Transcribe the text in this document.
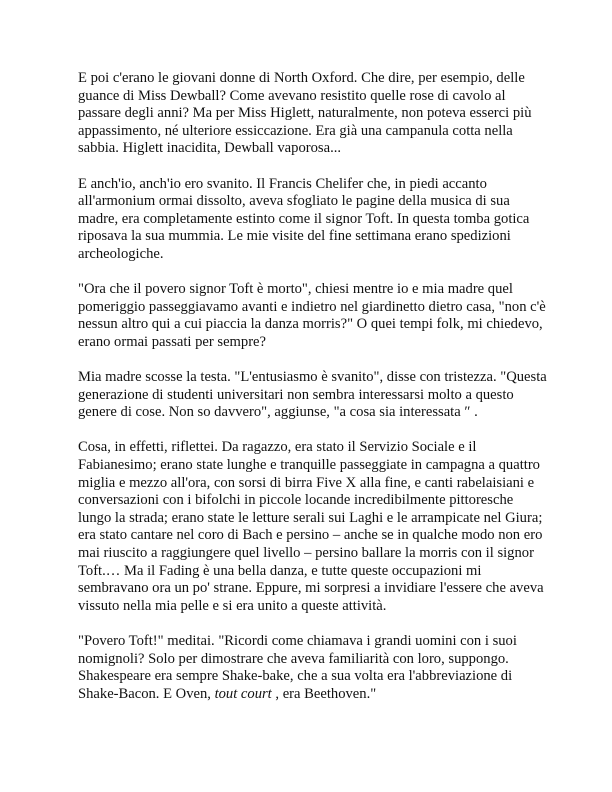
E poi c'erano le giovani donne di North Oxford. Che dire, per esempio, delle guance di Miss Dewball? Come avevano resistito quelle rose di cavolo al passare degli anni? Ma per Miss Higlett, naturalmente, non poteva esserci più appassimento, né ulteriore essiccazione. Era già una campanula cotta nella sabbia. Higlett inacidita, Dewball vaporosa...

E anch'io, anch'io ero svanito. Il Francis Chelifer che, in piedi accanto all'armonium ormai dissolto, aveva sfogliato le pagine della musica di sua madre, era completamente estinto come il signor Toft. In questa tomba gotica riposava la sua mummia. Le mie visite del fine settimana erano spedizioni archeologiche.

"Ora che il povero signor Toft è morto", chiesi mentre io e mia madre quel pomeriggio passeggiavamo avanti e indietro nel giardinetto dietro casa, "non c'è nessun altro qui a cui piaccia la danza morris?" O quei tempi folk, mi chiedevo, erano ormai passati per sempre?

Mia madre scosse la testa. "L'entusiasmo è svanito", disse con tristezza. "Questa generazione di studenti universitari non sembra interessarsi molto a questo genere di cose. Non so davvero", aggiunse, "a cosa sia interessata ″ .

Cosa, in effetti, riflettei. Da ragazzo, era stato il Servizio Sociale e il Fabianesimo; erano state lunghe e tranquille passeggiate in campagna a quattro miglia e mezzo all'ora, con sorsi di birra Five X alla fine, e canti rabelaisiani e conversazioni con i bifolchi in piccole locande incredibilmente pittoresche lungo la strada; erano state le letture serali sui Laghi e le arrampicate nel Giura; era stato cantare nel coro di Bach e persino – anche se in qualche modo non ero mai riuscito a raggiungere quel livello – persino ballare la morris con il signor Toft.… Ma il Fading è una bella danza, e tutte queste occupazioni mi sembravano ora un po' strane. Eppure, mi sorpresi a invidiare l'essere che aveva vissuto nella mia pelle e si era unito a queste attività.

"Povero Toft!" meditai. "Ricordi come chiamava i grandi uomini con i suoi nomignoli? Solo per dimostrare che aveva familiarità con loro, suppongo. Shakespeare era sempre Shake-bake, che a sua volta era l'abbreviazione di Shake-Bacon. E Oven, tout court , era Beethoven."
